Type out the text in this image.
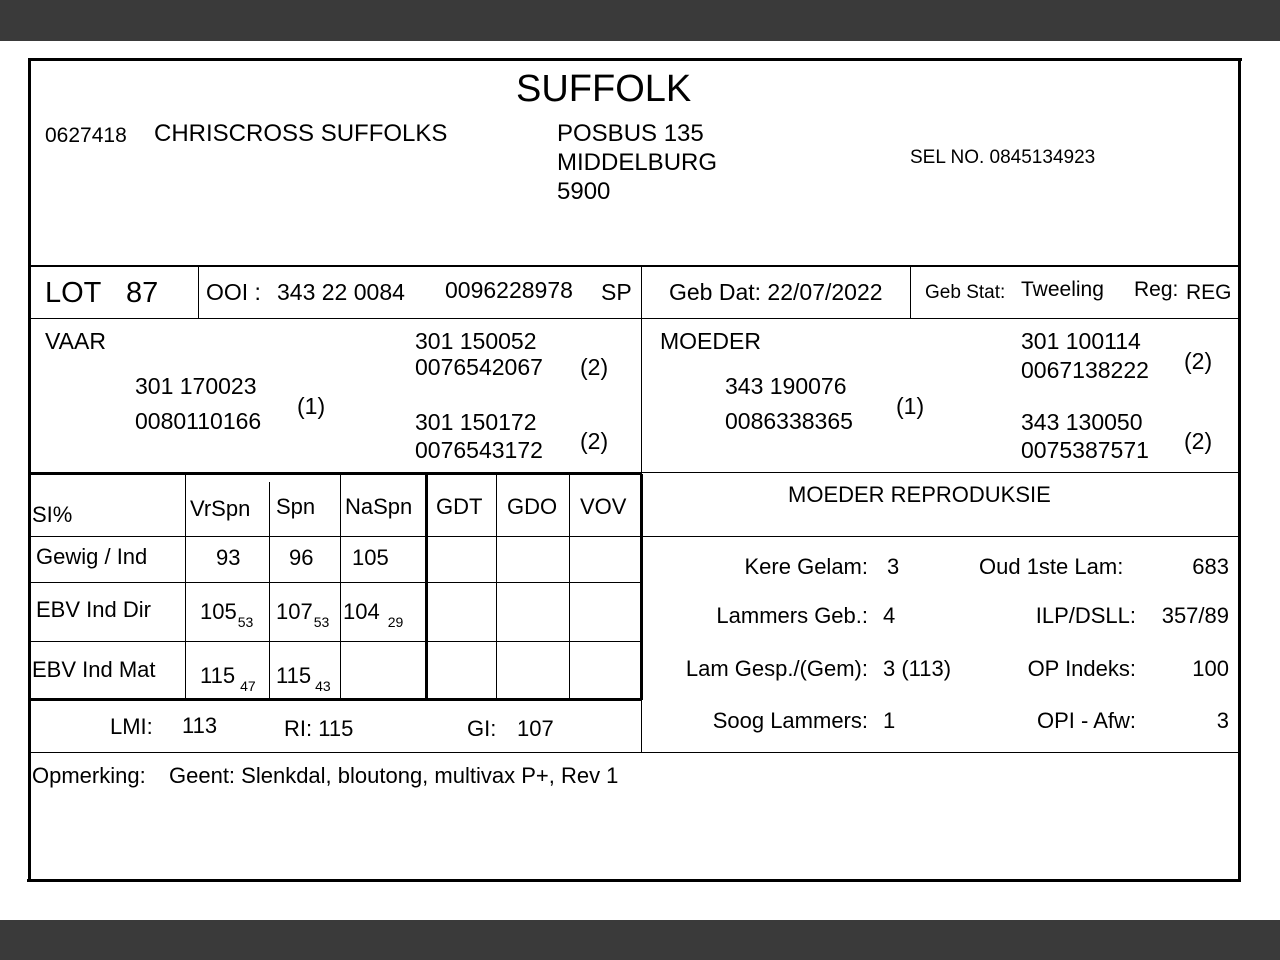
SUFFOLK
0627418 CHRISCROSS SUFFOLKS	POSBUS 135
MIDDELBURG
5900
SEL NO. 0845134923
LOT 87 OOI : 343 22 0084 0096228978 SP Geb Dat: 22/07/2022 Geb Stat: Tweeling Reg: REG
VAAR
301 170023
0080110166
(1)
301 150052
0076542067 (2)
301 150172
0076543172 (2)
MOEDER
343 190076
0086338365
(1)
301 100114
0067138222 (2)
343 130050
0075387571 (2)
SI%	VrSpn Spn NaSpn GDT GDO VOV
Gewig / Ind	93 96 105
EBV Ind Dir $105_{53}$ $107_{53}$ 104 $_{29}$
EBV Ind Mat 115 $_{47}$ 115 $_{43}$
LMI: 113	RI: 115	GI: 107
MOEDER REPRODUKSIE
Kere Gelam: 3	Oud 1ste Lam:	683
Lammers Geb.: 4	ILP/DSLL: 357/89
Lam Gesp./(Gem): 3 (113)	OP Indeks:	100
Soog Lammers: 1	OPI - Afw:	3
Opmerking: Geent: Slenkdal, bloutong, multivax P+, Rev 1
